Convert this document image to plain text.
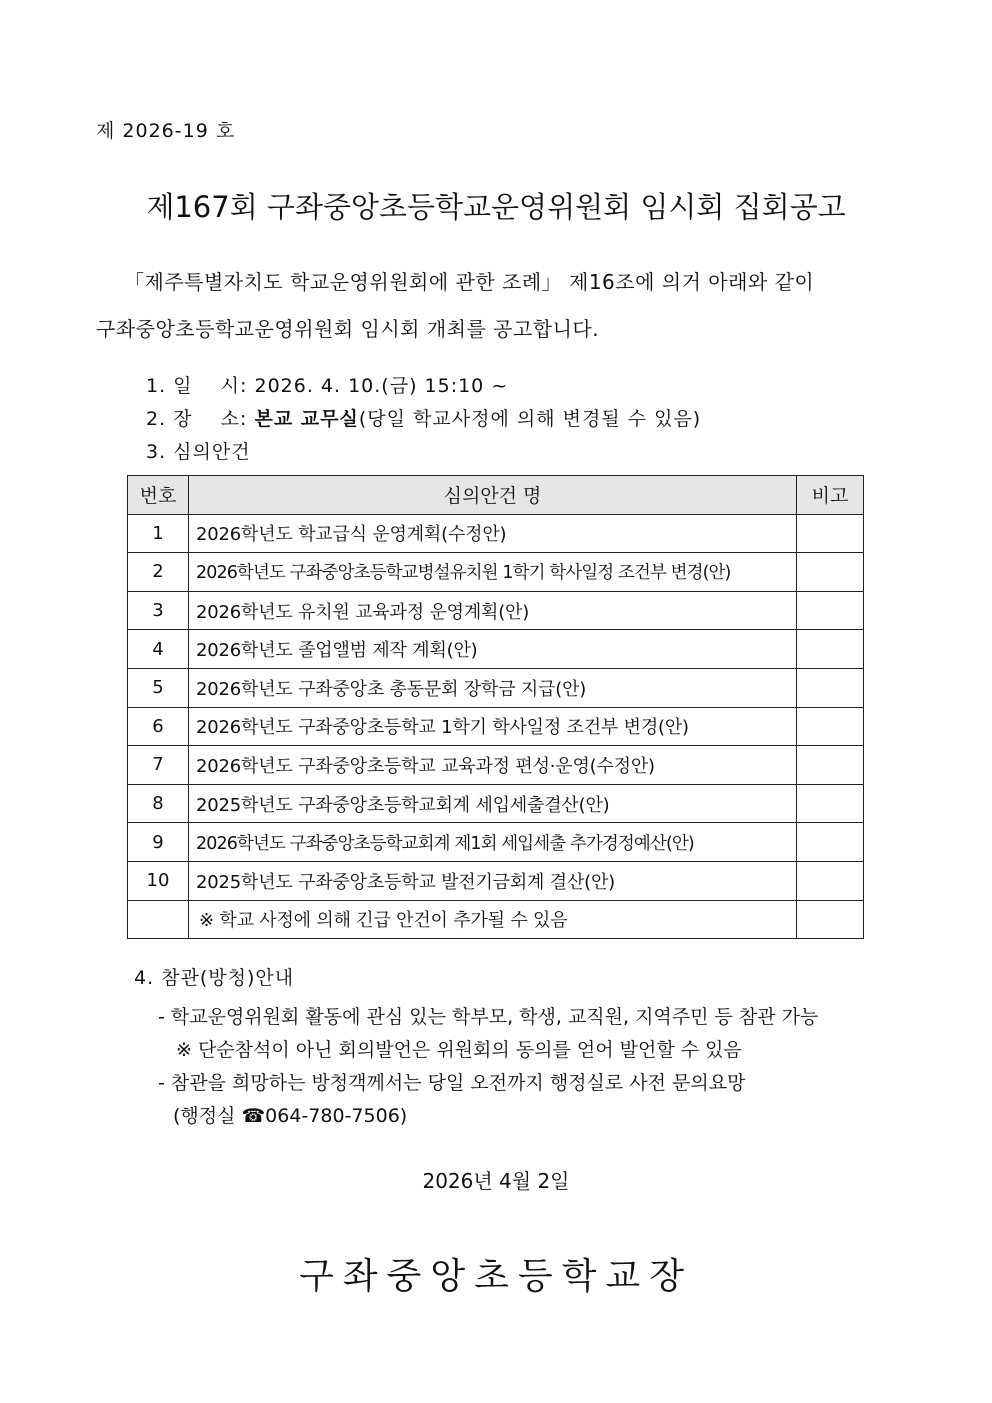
제 2026-19 호
제167회 구좌중앙초등학교운영위원회 임시회 집회공고
「제주특별자치도 학교운영위원회에 관한 조례」 제16조에 의거 아래와 같이
구좌중앙초등학교운영위원회 임시회 개최를 공고합니다.
1. 일    시: 2026. 4. 10.(금) 15:10 ~
2. 장    소: 본교 교무실(당일 학교사정에 의해 변경될 수 있음)
3. 심의안건
번호	심의안건 명	비고
1	2026학년도 학교급식 운영계획(수정안)	
2	2026학년도 구좌중앙초등학교병설유치원 1학기 학사일정 조건부 변경(안)	
3	2026학년도 유치원 교육과정 운영계획(안)	
4	2026학년도 졸업앨범 제작 계획(안)	
5	2026학년도 구좌중앙초 총동문회 장학금 지급(안)	
6	2026학년도 구좌중앙초등학교 1학기 학사일정 조건부 변경(안)	
7	2026학년도 구좌중앙초등학교 교육과정 편성·운영(수정안)	
8	2025학년도 구좌중앙초등학교회계 세입세출결산(안)	
9	2026학년도 구좌중앙초등학교회계 제1회 세입세출 추가경정예산(안)	
10	2025학년도 구좌중앙초등학교 발전기금회계 결산(안)	
	※ 학교 사정에 의해 긴급 안건이 추가될 수 있음	
4. 참관(방청)안내
- 학교운영위원회 활동에 관심 있는 학부모, 학생, 교직원, 지역주민 등 참관 가능
※ 단순참석이 아닌 회의발언은 위원회의 동의를 얻어 발언할 수 있음
- 참관을 희망하는 방청객께서는 당일 오전까지 행정실로 사전 문의요망
(행정실 ☎064-780-7506)
2026년 4월 2일
구좌중앙초등학교장
